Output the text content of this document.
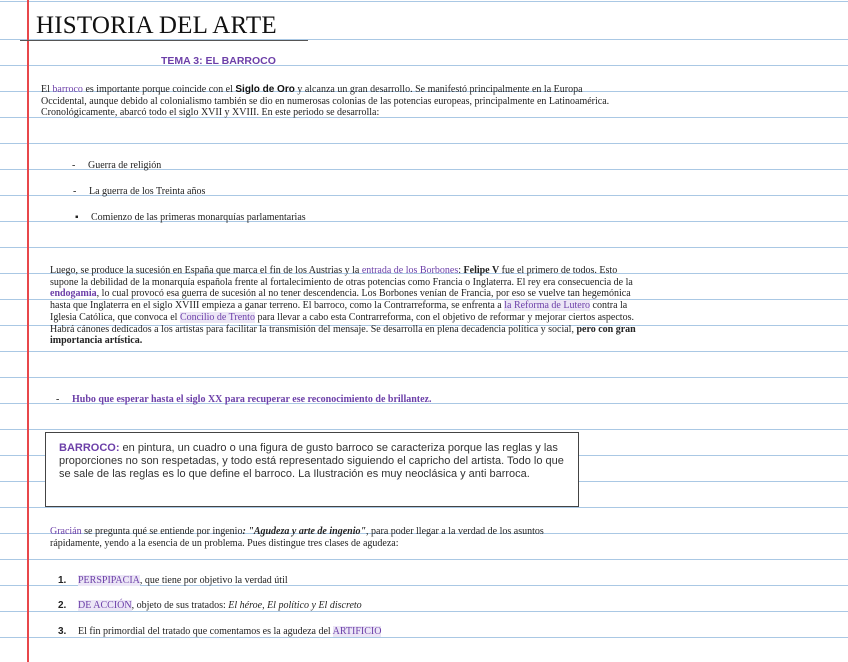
HISTORIA DEL ARTE
TEMA 3: EL BARROCO
El barroco es importante porque coincide con el Siglo de Oro y alcanza un gran desarrollo. Se manifestó principalmente en la Europa Occidental, aunque debido al colonialismo también se dio en numerosas colonias de las potencias europeas, principalmente en Latinoamérica. Cronológicamente, abarcó todo el siglo XVII y XVIII. En este periodo se desarrolla:
- Guerra de religión
- La guerra de los Treinta años
▪ Comienzo de las primeras monarquías parlamentarias
Luego, se produce la sucesión en España que marca el fin de los Austrias y la entrada de los Borbones: Felipe V fue el primero de todos. Esto supone la debilidad de la monarquía española frente al fortalecimiento de otras potencias como Francia o Inglaterra. El rey era consecuencia de la endogamia, lo cual provocó esa guerra de sucesión al no tener descendencia. Los Borbones venían de Francia, por eso se vuelve tan hegemónica hasta que Inglaterra en el siglo XVIII empieza a ganar terreno. El barroco, como la Contrarreforma, se enfrenta a la Reforma de Lutero contra la Iglesia Católica, que convoca el Concilio de Trento para llevar a cabo esta Contrarreforma, con el objetivo de reformar y mejorar ciertos aspectos. Habrá cánones dedicados a los artistas para facilitar la transmisión del mensaje. Se desarrolla en plena decadencia política y social, pero con gran importancia artística.
- Hubo que esperar hasta el siglo XX para recuperar ese reconocimiento de brillantez.
BARROCO: en pintura, un cuadro o una figura de gusto barroco se caracteriza porque las reglas y las proporciones no son respetadas, y todo está representado siguiendo el capricho del artista. Todo lo que se sale de las reglas es lo que define el barroco. La Ilustración es muy neoclásica y anti barroca.
Gracián se pregunta qué se entiende por ingenio: "Agudeza y arte de ingenio", para poder llegar a la verdad de los asuntos rápidamente, yendo a la esencia de un problema. Pues distingue tres clases de agudeza:
1. PERSPIPACIA, que tiene por objetivo la verdad útil
2. DE ACCIÓN, objeto de sus tratados: El héroe, El político y El discreto
3. El fin primordial del tratado que comentamos es la agudeza del ARTIFICIO
